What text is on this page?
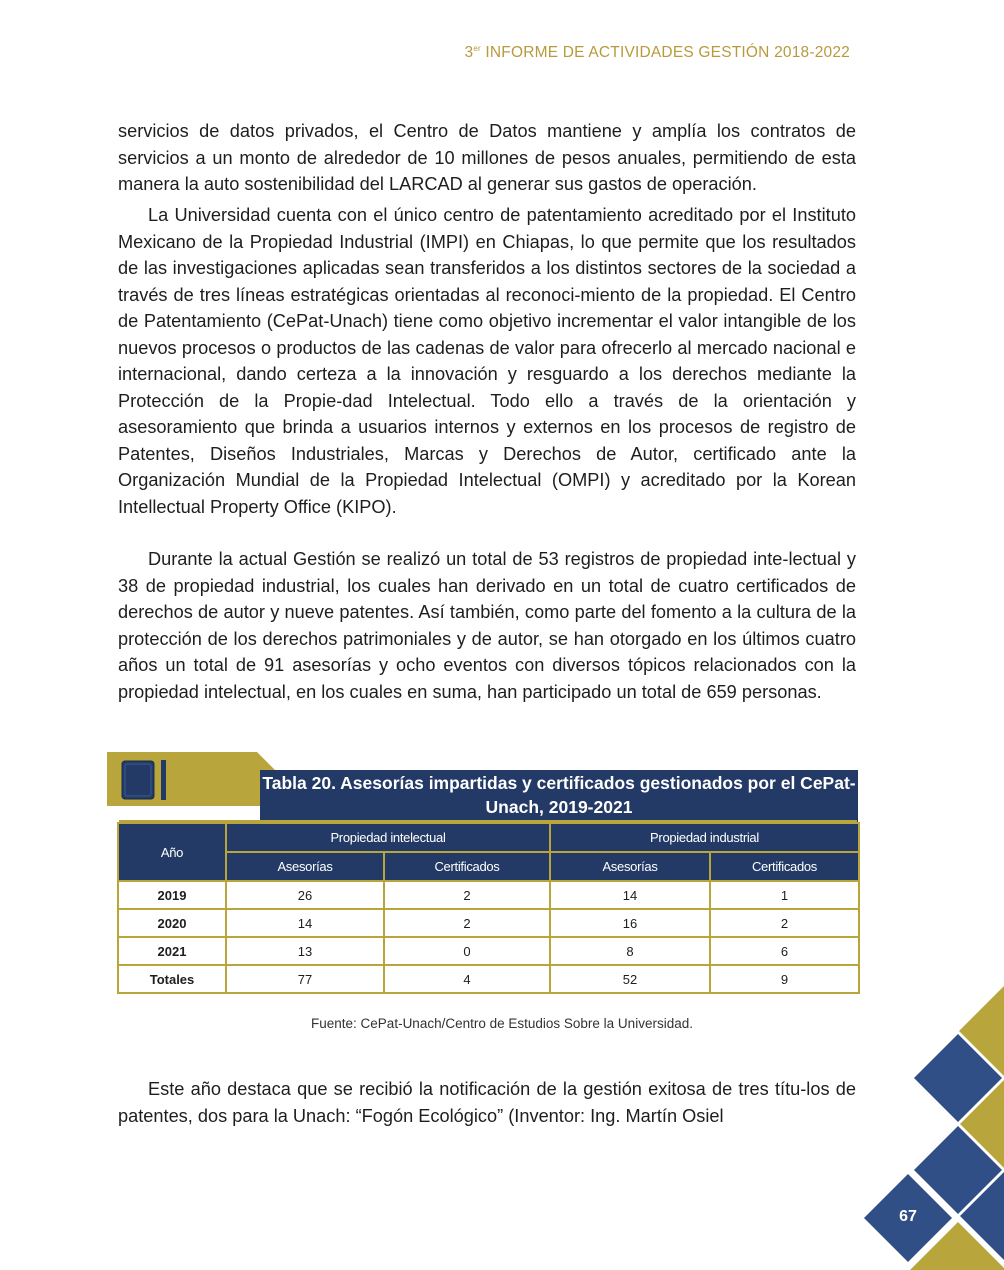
3er INFORME DE ACTIVIDADES GESTIÓN 2018-2022

servicios de datos privados, el Centro de Datos mantiene y amplía los contratos de servicios a un monto de alrededor de 10 millones de pesos anuales, permitiendo de esta manera la auto sostenibilidad del LARCAD al generar sus gastos de operación.

La Universidad cuenta con el único centro de patentamiento acreditado por el Instituto Mexicano de la Propiedad Industrial (IMPI) en Chiapas, lo que permite que los resultados de las investigaciones aplicadas sean transferidos a los distintos sectores de la sociedad a través de tres líneas estratégicas orientadas al reconoci-miento de la propiedad. El Centro de Patentamiento (CePat-Unach) tiene como objetivo incrementar el valor intangible de los nuevos procesos o productos de las cadenas de valor para ofrecerlo al mercado nacional e internacional, dando certeza a la innovación y resguardo a los derechos mediante la Protección de la Propie-dad Intelectual. Todo ello a través de la orientación y asesoramiento que brinda a usuarios internos y externos en los procesos de registro de Patentes, Diseños Industriales, Marcas y Derechos de Autor, certificado ante la Organización Mundial de la Propiedad Intelectual (OMPI) y acreditado por la Korean Intellectual Property Office (KIPO).

Durante la actual Gestión se realizó un total de 53 registros de propiedad inte-lectual y 38 de propiedad industrial, los cuales han derivado en un total de cuatro certificados de derechos de autor y nueve patentes. Así también, como parte del fomento a la cultura de la protección de los derechos patrimoniales y de autor, se han otorgado en los últimos cuatro años un total de 91 asesorías y ocho eventos con diversos tópicos relacionados con la propiedad intelectual, en los cuales en suma, han participado un total de 659 personas.

Tabla 20. Asesorías impartidas y certificados gestionados por el CePat-Unach, 2019-2021
Año	Propiedad intelectual		Propiedad industrial	
	Asesorías	Certificados	Asesorías	Certificados
2019	26	2	14	1
2020	14	2	16	2
2021	13	0	8	6
Totales	77	4	52	9
Fuente: CePat-Unach/Centro de Estudios Sobre la Universidad.

Este año destaca que se recibió la notificación de la gestión exitosa de tres títu-los de patentes, dos para la Unach: “Fogón Ecológico” (Inventor: Ing. Martín Osiel

67
